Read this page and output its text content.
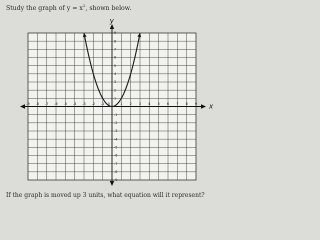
Study the graph of $y = x^2$, shown below.
x
y
-9 -8 -7 -6 -5 -4 -3 -2 -1	1 2 3 4 5 6 7 8 9
-9
-8
-7
-6
-5
-4
-3
-2
-1
1
2
3
4
5
6
7
8
9
0
If the graph is moved up 3 units, what equation will it represent?
